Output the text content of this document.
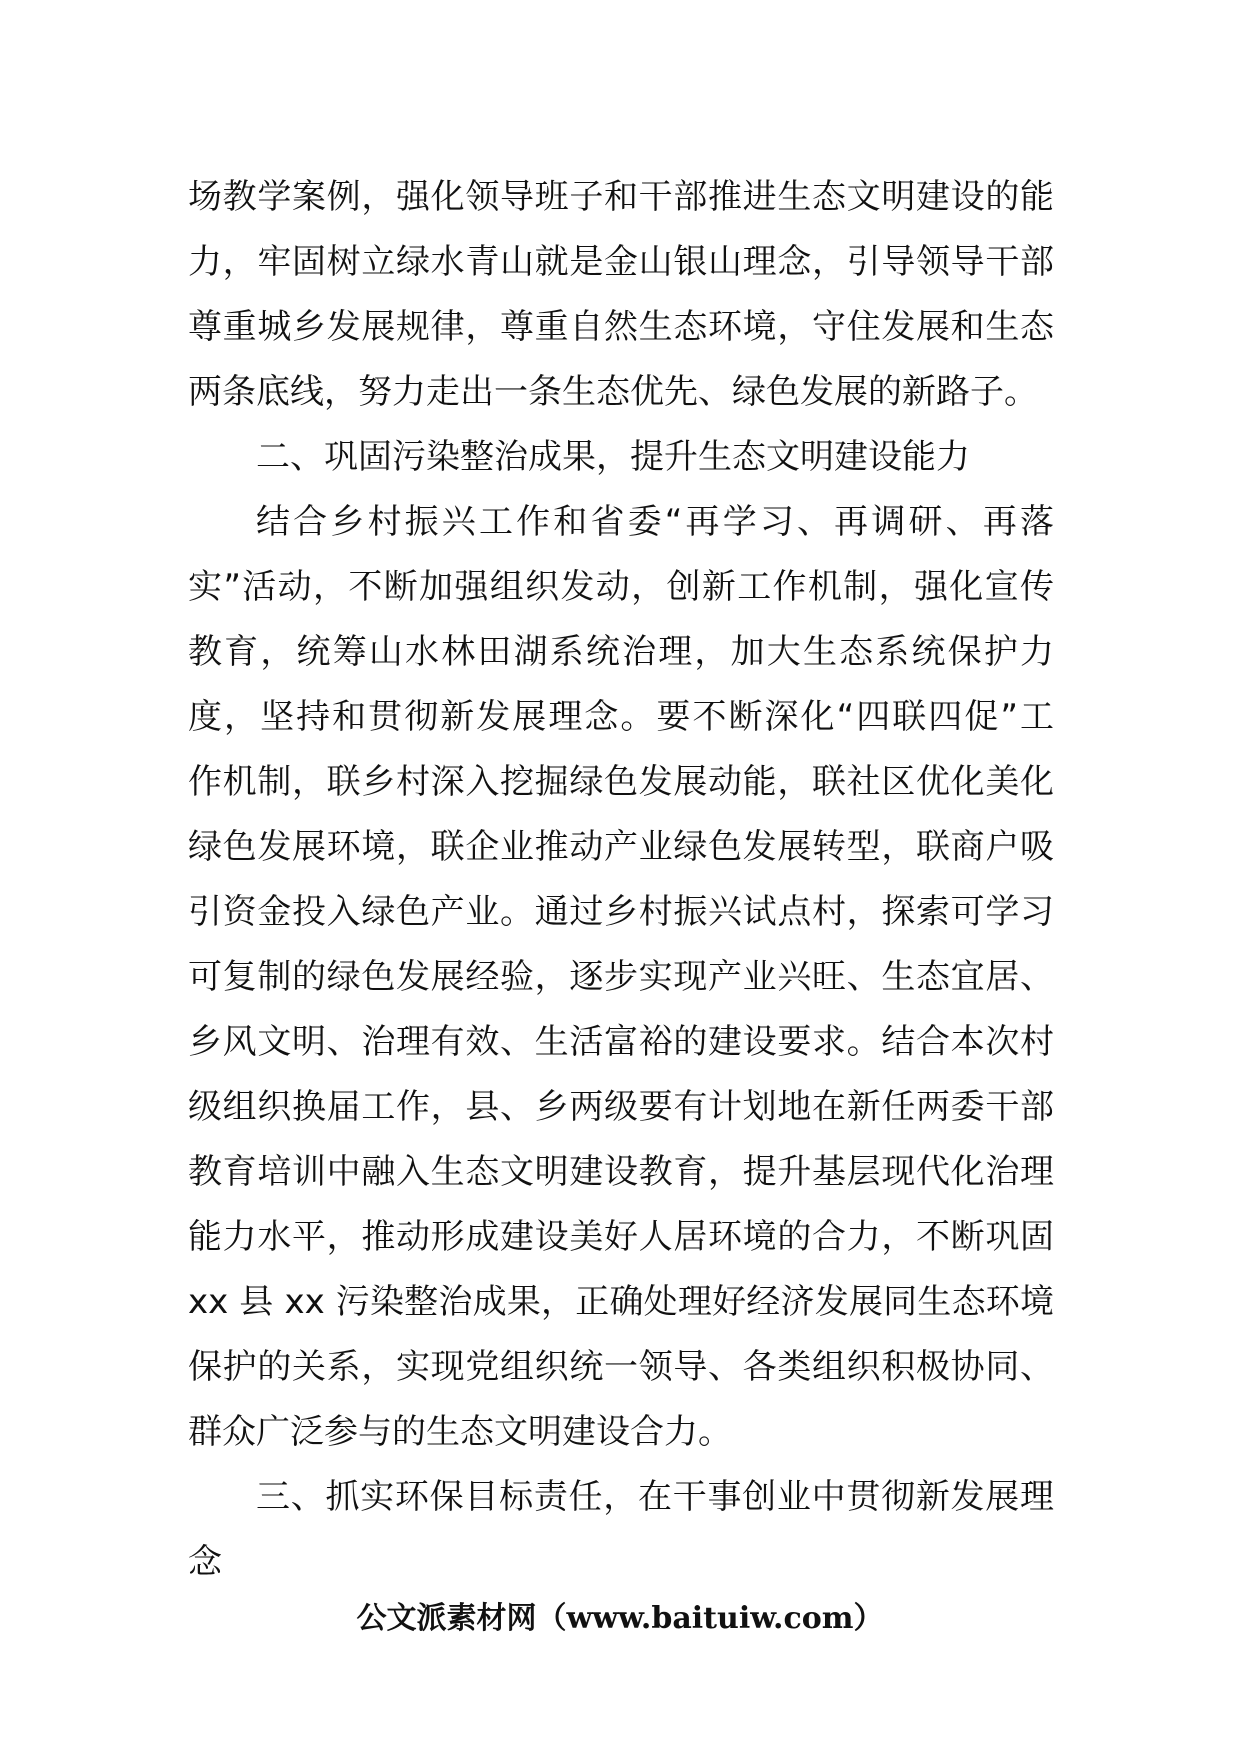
场教学案例，强化领导班子和干部推进生态文明建设的能
力，牢固树立绿水青山就是金山银山理念，引导领导干部
尊重城乡发展规律，尊重自然生态环境，守住发展和生态
两条底线，努力走出一条生态优先、绿色发展的新路子。
二、巩固污染整治成果，提升生态文明建设能力
结合乡村振兴工作和省委“再学习、再调研、再落
实”活动，不断加强组织发动，创新工作机制，强化宣传
教育，统筹山水林田湖系统治理，加大生态系统保护力
度，坚持和贯彻新发展理念。要不断深化“四联四促”工
作机制，联乡村深入挖掘绿色发展动能，联社区优化美化
绿色发展环境，联企业推动产业绿色发展转型，联商户吸
引资金投入绿色产业。通过乡村振兴试点村，探索可学习
可复制的绿色发展经验，逐步实现产业兴旺、生态宜居、
乡风文明、治理有效、生活富裕的建设要求。结合本次村
级组织换届工作，县、乡两级要有计划地在新任两委干部
教育培训中融入生态文明建设教育，提升基层现代化治理
能力水平，推动形成建设美好人居环境的合力，不断巩固
xx 县 xx 污染整治成果，正确处理好经济发展同生态环境
保护的关系，实现党组织统一领导、各类组织积极协同、
群众广泛参与的生态文明建设合力。
三、抓实环保目标责任，在干事创业中贯彻新发展理
念
公文派素材网（www.baituiw.com）
